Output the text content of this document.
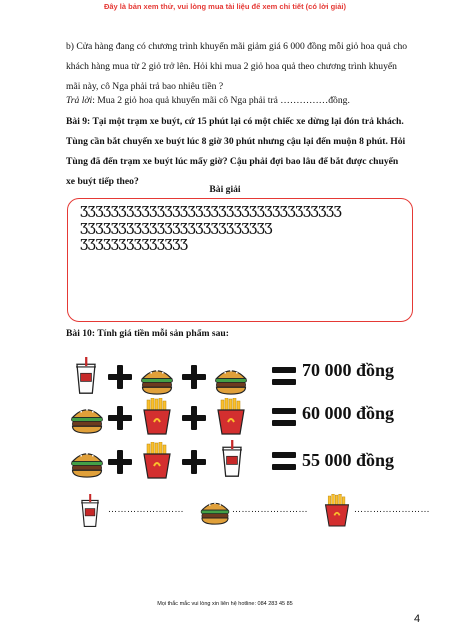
Đây là bản xem thử, vui lòng mua tài liệu để xem chi tiết (có lời giải)
b) Cửa hàng đang có chương trình khuyến mãi giảm giá 6 000 đồng mỗi giỏ hoa quả cho khách hàng mua từ 2 giỏ trở lên. Hỏi khi mua 2 giỏ hoa quả theo chương trình khuyến mãi này, cô Nga phải trả bao nhiêu tiền ?
Trả lời: Mua 2 giỏ hoa quả khuyến mãi cô Nga phải trả ……………đồng.
Bài 9: Tại một trạm xe buýt, cứ 15 phút lại có một chiếc xe dừng lại đón trả khách. Tùng cần bắt chuyến xe buýt lúc 8 giờ 30 phút nhưng cậu lại đến muộn 8 phút. Hỏi Tùng đã đến trạm xe buýt lúc mấy giờ? Cậu phải đợi bao lâu để bắt được chuyến xe buýt tiếp theo?
Bài giải
ӠӠӠӠӠӠӠӠӠӠӠӠӠӠӠӠӠӠӠӠӠӠӠӠӠӠӠӠӠӠӠӠӠӠ
ӠӠӠӠӠӠӠӠӠӠӠӠӠӠӠӠӠӠӠӠӠӠӠӠӠ
ӠӠӠӠӠӠӠӠӠӠӠӠӠӠ
Bài 10: Tính giá tiền mỗi sản phẩm sau:
70 000 đồng
60 000 đồng
55 000 đồng
……………………	……………………	……………………
Mọi thắc mắc vui lòng xin liên hệ hotline: 084 283 45 85
4
